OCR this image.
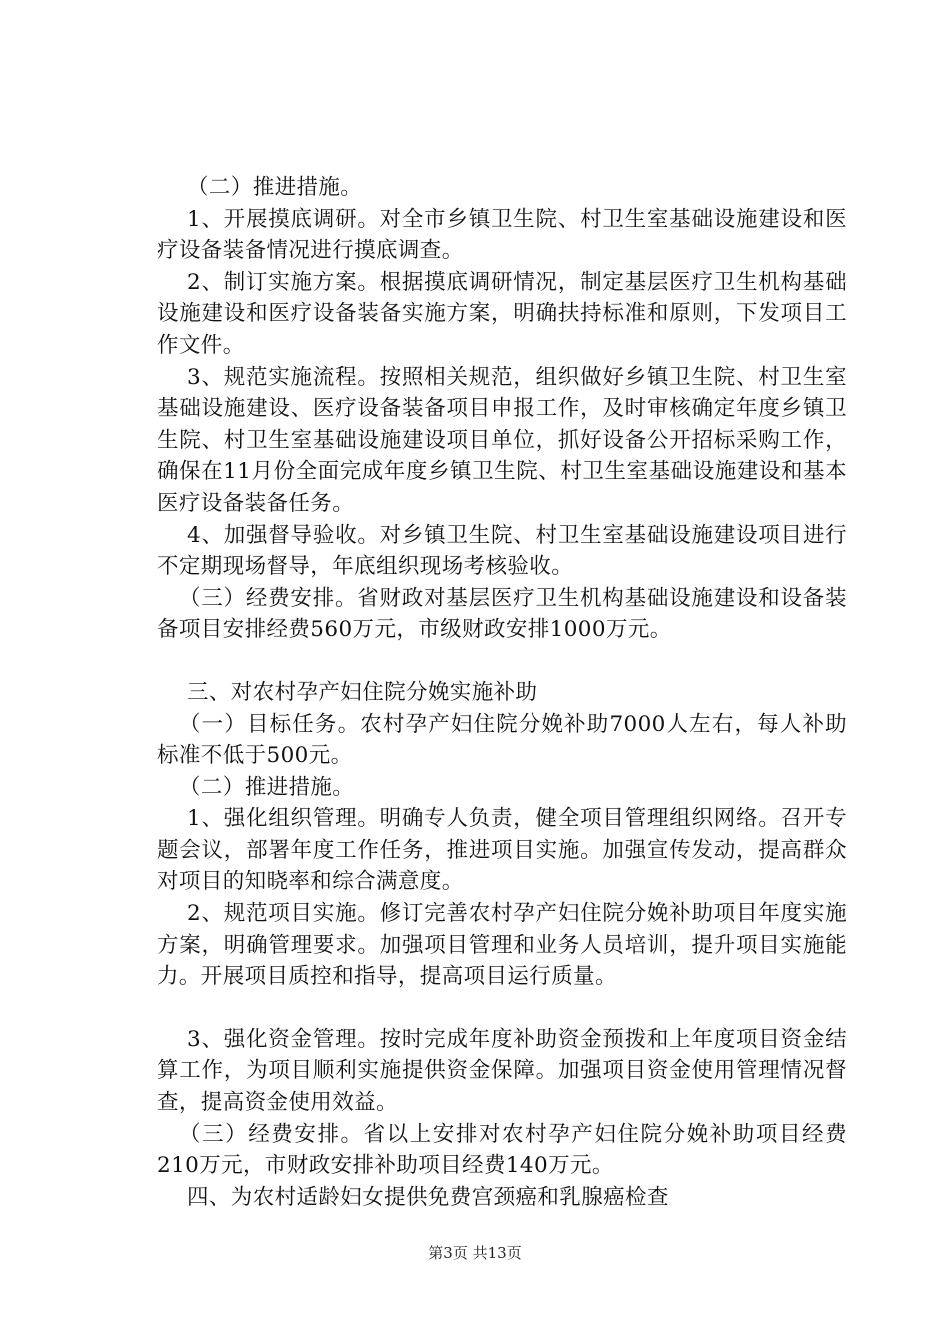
（二）推进措施。

1、开展摸底调研。对全市乡镇卫生院、村卫生室基础设施建设和医疗设备装备情况进行摸底调查。

2、制订实施方案。根据摸底调研情况，制定基层医疗卫生机构基础设施建设和医疗设备装备实施方案，明确扶持标准和原则，下发项目工作文件。

3、规范实施流程。按照相关规范，组织做好乡镇卫生院、村卫生室基础设施建设、医疗设备装备项目申报工作，及时审核确定年度乡镇卫生院、村卫生室基础设施建设项目单位，抓好设备公开招标采购工作，确保在11月份全面完成年度乡镇卫生院、村卫生室基础设施建设和基本医疗设备装备任务。

4、加强督导验收。对乡镇卫生院、村卫生室基础设施建设项目进行不定期现场督导，年底组织现场考核验收。

（三）经费安排。省财政对基层医疗卫生机构基础设施建设和设备装备项目安排经费560万元，市级财政安排1000万元。

三、对农村孕产妇住院分娩实施补助

（一）目标任务。农村孕产妇住院分娩补助7000人左右，每人补助标准不低于500元。

（二）推进措施。

1、强化组织管理。明确专人负责，健全项目管理组织网络。召开专题会议，部署年度工作任务，推进项目实施。加强宣传发动，提高群众对项目的知晓率和综合满意度。

2、规范项目实施。修订完善农村孕产妇住院分娩补助项目年度实施方案，明确管理要求。加强项目管理和业务人员培训，提升项目实施能力。开展项目质控和指导，提高项目运行质量。

3、强化资金管理。按时完成年度补助资金预拨和上年度项目资金结算工作，为项目顺利实施提供资金保障。加强项目资金使用管理情况督查，提高资金使用效益。

（三）经费安排。省以上安排对农村孕产妇住院分娩补助项目经费210万元，市财政安排补助项目经费140万元。

四、为农村适龄妇女提供免费宫颈癌和乳腺癌检查

第3页 共13页
